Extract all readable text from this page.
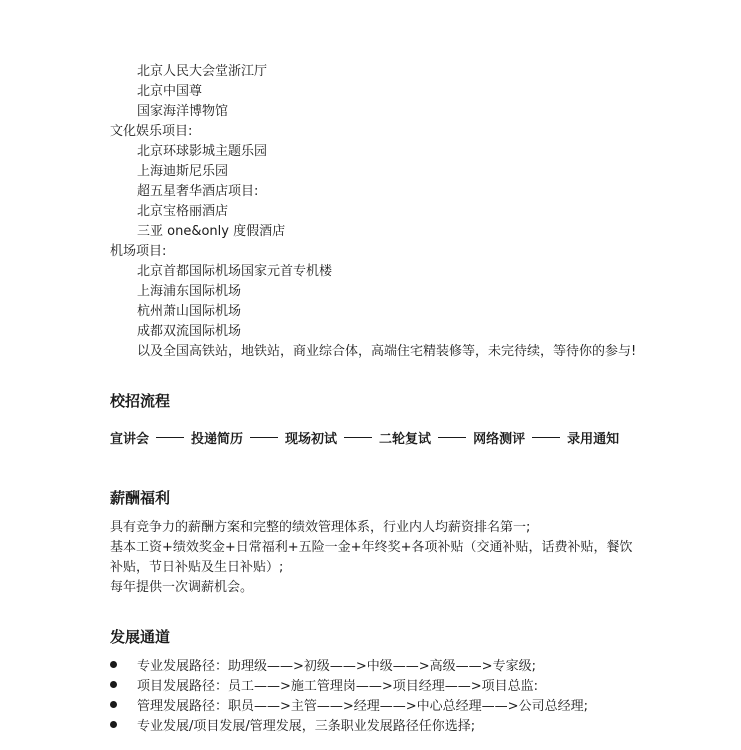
北京人民大会堂浙江厅
北京中国尊
国家海洋博物馆
文化娱乐项目:
北京环球影城主题乐园
上海迪斯尼乐园
超五星奢华酒店项目:
北京宝格丽酒店
三亚 one&only 度假酒店
机场项目:
北京首都国际机场国家元首专机楼
上海浦东国际机场
杭州萧山国际机场
成都双流国际机场
以及全国高铁站，地铁站，商业综合体，高端住宅精装修等，未完待续，等待你的参与!
校招流程
宣讲会	投递简历	现场初试	二轮复试	网络测评	录用通知
薪酬福利
具有竞争力的薪酬方案和完整的绩效管理体系，行业内人均薪资排名第一;
基本工资+绩效奖金+日常福利+五险一金+年终奖+各项补贴（交通补贴，话费补贴，餐饮补贴，节日补贴及生日补贴）;
每年提供一次调薪机会。
发展通道
专业发展路径：助理级——>初级——>中级——>高级——>专家级;
项目发展路径：员工——>施工管理岗——>项目经理——>项目总监:
管理发展路径：职员——>主管——>经理——>中心总经理——>公司总经理;
专业发展/项目发展/管理发展，三条职业发展路径任你选择;
